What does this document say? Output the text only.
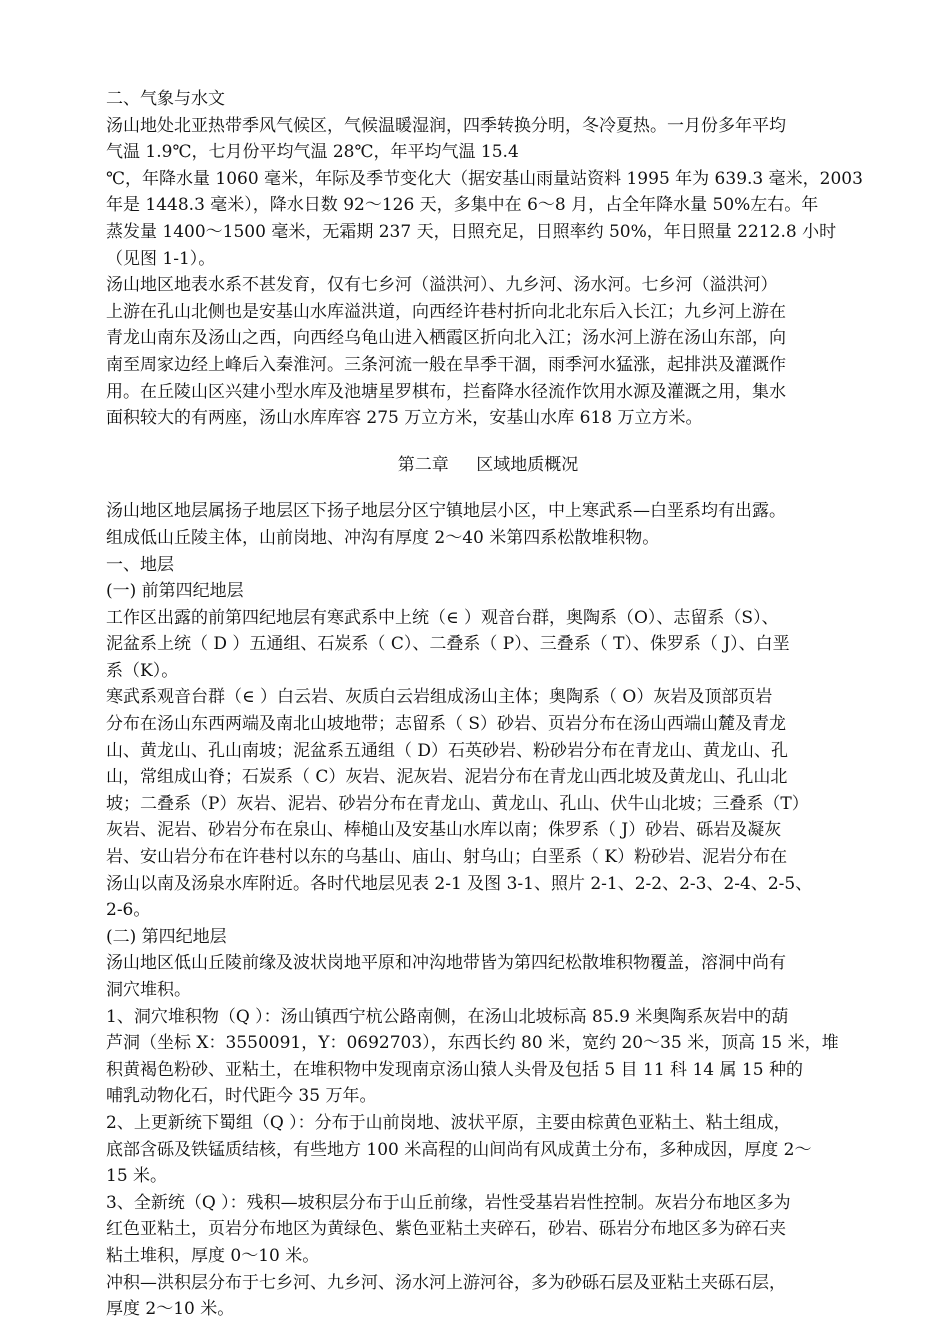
二、气象与水文
汤山地处北亚热带季风气候区，气候温暖湿润，四季转换分明，冬冷夏热。一月份多年平均
气温 1.9℃，七月份平均气温 28℃，年平均气温 15.4
℃，年降水量 1060 毫米，年际及季节变化大（据安基山雨量站资料 1995 年为 639.3 毫米，2003
年是 1448.3 毫米），降水日数 92～126 天，多集中在 6～8 月，占全年降水量 50%左右。年
蒸发量 1400～1500 毫米，无霜期 237 天，日照充足，日照率约 50%，年日照量 2212.8 小时
（见图 1-1）。
汤山地区地表水系不甚发育，仅有七乡河（溢洪河）、九乡河、汤水河。七乡河（溢洪河）
上游在孔山北侧也是安基山水库溢洪道，向西经许巷村折向北北东后入长江；九乡河上游在
青龙山南东及汤山之西，向西经乌龟山进入栖霞区折向北入江；汤水河上游在汤山东部，向
南至周家边经上峰后入秦淮河。三条河流一般在旱季干涸，雨季河水猛涨，起排洪及灌溉作
用。在丘陵山区兴建小型水库及池塘星罗棋布，拦畜降水径流作饮用水源及灌溉之用，集水
面积较大的有两座，汤山水库库容 275 万立方米，安基山水库 618 万立方米。
第二章 区域地质概况
汤山地区地层属扬子地层区下扬子地层分区宁镇地层小区，中上寒武系—白垩系均有出露。
组成低山丘陵主体，山前岗地、冲沟有厚度 2～40 米第四系松散堆积物。
一、地层
(一) 前第四纪地层
工作区出露的前第四纪地层有寒武系中上统（∈ ）观音台群，奥陶系（O）、志留系（S）、
泥盆系上统（ D ）五通组、石炭系（ C）、二叠系（ P）、三叠系（ T）、侏罗系（ J）、白垩
系（K）。
寒武系观音台群（∈ ）白云岩、灰质白云岩组成汤山主体；奥陶系（ O）灰岩及顶部页岩
分布在汤山东西两端及南北山坡地带；志留系（ S）砂岩、页岩分布在汤山西端山麓及青龙
山、黄龙山、孔山南坡；泥盆系五通组（ D）石英砂岩、粉砂岩分布在青龙山、黄龙山、孔
山，常组成山脊；石炭系（ C）灰岩、泥灰岩、泥岩分布在青龙山西北坡及黄龙山、孔山北
坡；二叠系（P）灰岩、泥岩、砂岩分布在青龙山、黄龙山、孔山、伏牛山北坡；三叠系（T）
灰岩、泥岩、砂岩分布在泉山、棒槌山及安基山水库以南；侏罗系（ J）砂岩、砾岩及凝灰
岩、安山岩分布在许巷村以东的乌基山、庙山、射乌山；白垩系（ K）粉砂岩、泥岩分布在
汤山以南及汤泉水库附近。各时代地层见表 2-1 及图 3-1、照片 2-1、2-2、2-3、2-4、2-5、
2-6。
(二) 第四纪地层
汤山地区低山丘陵前缘及波状岗地平原和冲沟地带皆为第四纪松散堆积物覆盖，溶洞中尚有
洞穴堆积。
1、洞穴堆积物（Q ）：汤山镇西宁杭公路南侧，在汤山北坡标高 85.9 米奥陶系灰岩中的葫
芦洞（坐标 X：3550091，Y：0692703），东西长约 80 米，宽约 20～35 米，顶高 15 米，堆
积黄褐色粉砂、亚粘土，在堆积物中发现南京汤山猿人头骨及包括 5 目 11 科 14 属 15 种的
哺乳动物化石，时代距今 35 万年。
2、上更新统下蜀组（Q ）：分布于山前岗地、波状平原，主要由棕黄色亚粘土、粘土组成，
底部含砾及铁锰质结核，有些地方 100 米高程的山间尚有风成黄土分布，多种成因，厚度 2～
15 米。
3、全新统（Q ）：残积—坡积层分布于山丘前缘，岩性受基岩岩性控制。灰岩分布地区多为
红色亚粘土，页岩分布地区为黄绿色、紫色亚粘土夹碎石，砂岩、砾岩分布地区多为碎石夹
粘土堆积，厚度 0～10 米。
冲积—洪积层分布于七乡河、九乡河、汤水河上游河谷，多为砂砾石层及亚粘土夹砾石层，
厚度 2～10 米。
